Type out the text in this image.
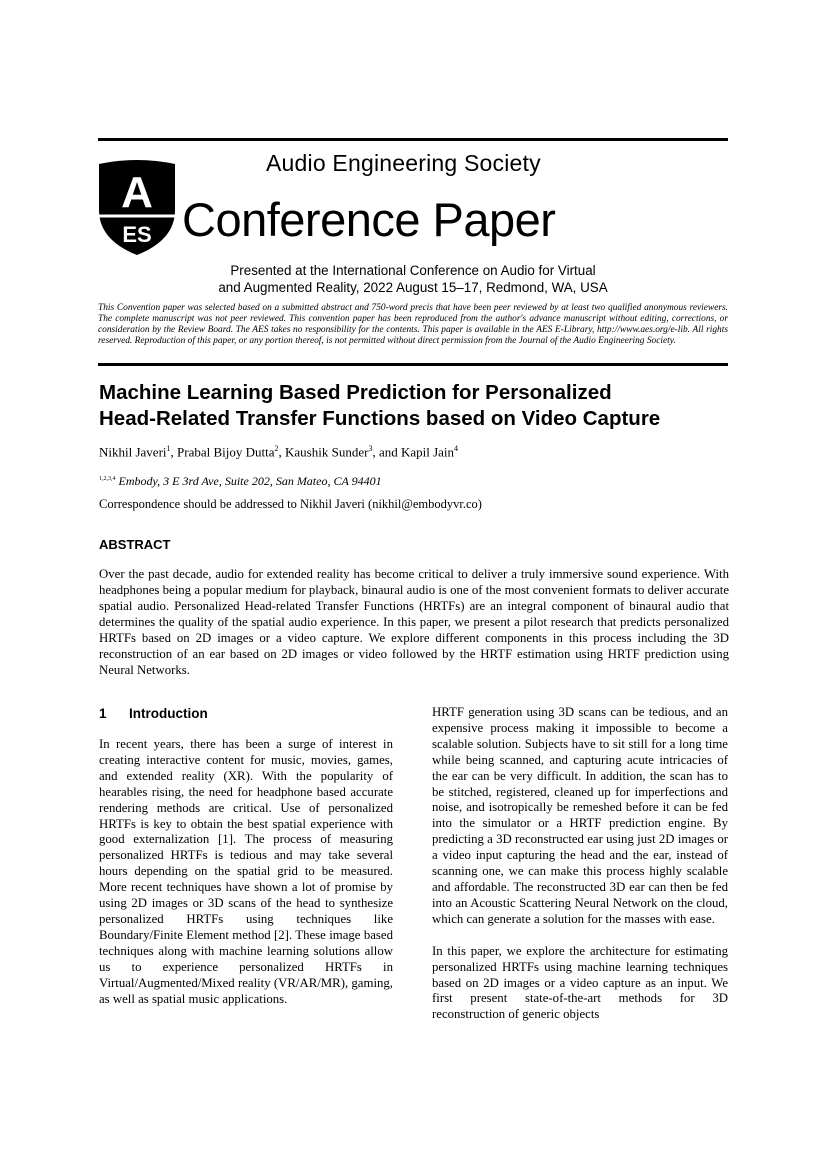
A
ES
Audio Engineering Society
Conference Paper
Presented at the International Conference on Audio for Virtual
and Augmented Reality, 2022 August 15–17, Redmond, WA, USA
This Convention paper was selected based on a submitted abstract and 750-word precis that have been peer reviewed by at least two qualified anonymous reviewers. The complete manuscript was not peer reviewed. This convention paper has been reproduced from the author's advance manuscript without editing, corrections, or consideration by the Review Board. The AES takes no responsibility for the contents. This paper is available in the AES E-Library, http://www.aes.org/e-lib. All rights reserved. Reproduction of this paper, or any portion thereof, is not permitted without direct permission from the Journal of the Audio Engineering Society.
Machine Learning Based Prediction for Personalized
Head-Related Transfer Functions based on Video Capture
Nikhil Javeri$^1$, Prabal Bijoy Dutta$^2$, Kaushik Sunder$^3$, and Kapil Jain$^4$
$^{1,2,3,4}$ Embody, 3 E 3rd Ave, Suite 202, San Mateo, CA 94401
Correspondence should be addressed to Nikhil Javeri (nikhil@embodyvr.co)
ABSTRACT
Over the past decade, audio for extended reality has become critical to deliver a truly immersive sound experience. With headphones being a popular medium for playback, binaural audio is one of the most convenient formats to deliver accurate spatial audio. Personalized Head-related Transfer Functions (HRTFs) are an integral component of binaural audio that determines the quality of the spatial audio experience. In this paper, we present a pilot research that predicts personalized HRTFs based on 2D images or a video capture. We explore different components in this process including the 3D reconstruction of an ear based on 2D images or video followed by the HRTF estimation using HRTF prediction using Neural Networks.
1 Introduction

In recent years, there has been a surge of interest in creating interactive content for music, movies, games, and extended reality (XR). With the popularity of hearables rising, the need for headphone based accurate rendering methods are critical. Use of personalized HRTFs is key to obtain the best spatial experience with good externalization [1]. The process of measuring personalized HRTFs is tedious and may take several hours depending on the spatial grid to be measured. More recent techniques have shown a lot of promise by using 2D images or 3D scans of the head to synthesize personalized HRTFs using techniques like Boundary/Finite Element method [2]. These image based techniques along with machine learning solutions allow us to experience personalized HRTFs in Virtual/Augmented/Mixed reality (VR/AR/MR), gaming, as well as spatial music applications.

HRTF generation using 3D scans can be tedious, and an expensive process making it impossible to become a scalable solution. Subjects have to sit still for a long time while being scanned, and capturing acute intricacies of the ear can be very difficult. In addition, the scan has to be stitched, registered, cleaned up for imperfections and noise, and isotropically be remeshed before it can be fed into the simulator or a HRTF prediction engine. By predicting a 3D reconstructed ear using just 2D images or a video input capturing the head and the ear, instead of scanning one, we can make this process highly scalable and affordable. The reconstructed 3D ear can then be fed into an Acoustic Scattering Neural Network on the cloud, which can generate a solution for the masses with ease.

In this paper, we explore the architecture for estimating personalized HRTFs using machine learning techniques based on 2D images or a video capture as an input. We first present state-of-the-art methods for 3D reconstruction of generic objects
